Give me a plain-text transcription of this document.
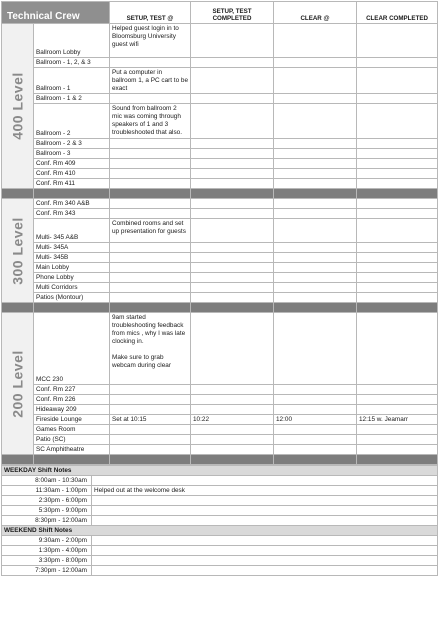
Technical Crew		SETUP, TEST @	SETUP, TEST COMPLETED	CLEAR @	CLEAR COMPLETED

400 Level	Ballroom Lobby	Helped guest login in to Bloomsburg University guest wifi			
	Ballroom - 1, 2, & 3				
	Ballroom - 1	Put a computer in ballroom 1, a PC cart to be exact			
	Ballroom - 1 & 2				
	Ballroom - 2	Sound from ballroom 2 mic was coming through speakers of 1 and 3 troubleshooted that also.			
	Ballroom - 2 & 3				
	Ballroom - 3				
	Conf. Rm 409				
	Conf. Rm 410				
	Conf. Rm 411				

300 Level	Conf. Rm 340 A&B				
	Conf. Rm 343				
	Multi- 345 A&B	Combined rooms and set up presentation for guests			
	Multi- 345A				
	Multi- 345B				
	Main Lobby				
	Phone Lobby				
	Multi Corridors				
	Patios (Montour)				

200 Level	MCC 230	9am started troubleshooting feedback from mics , why I was late clocking in.

Make sure to grab webcam during clear			
	Conf. Rm 227				
	Conf. Rm 226				
	Hideaway 209				
	Fireside Lounge	Set at 10:15	10:22	12:00	12:15 w. Jeamarr
	Games Room				
	Patio (SC)				
	SC Amphitheatre				

WEEKDAY Shift Notes	
8:00am - 10:30am	
11:30am - 1:00pm	Helped out at the welcome desk
2:30pm - 6:00pm	
5:30pm - 9:00pm	
8:30pm - 12:00am	
WEEKEND Shift Notes	
9:30am - 2:00pm	
1:30pm - 4:00pm	
3:30pm - 8:00pm	
7:30pm - 12:00am	
